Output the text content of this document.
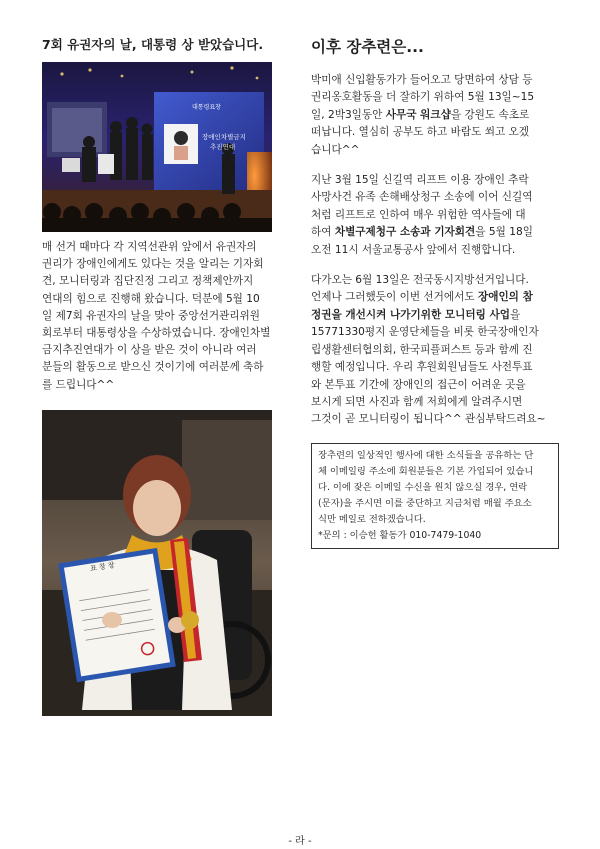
7회 유권자의 날, 대통령 상 받았습니다.
대통령표창
장애인차별금지
추진연대

매 선거 때마다 각 지역선관위 앞에서 유권자의
권리가 장애인에게도 있다는 것을 알리는 기자회
견, 모니터링과 집단진정 그리고 정책제안까지
연대의 힘으로 진행해 왔습니다. 덕분에 5월 10
일 제7회 유권자의 날을 맞아 중앙선거관리위원
회로부터 대통령상을 수상하였습니다. 장애인차별
금지추진연대가 이 상을 받은 것이 아니라 여러
분들의 활동으로 받으신 것이기에 여러분께 축하
를 드립니다^^

표 창 장
이후 장추련은...
박미애 신입활동가가 들어오고 당면하여 상담 등
권리옹호활동을 더 잘하기 위하여 5월 13일~15
일, 2박3일동안 사무국 워크샵을 강원도 속초로
떠납니다. 열심히 공부도 하고 바람도 쐬고 오겠
습니다^^
지난 3월 15일 신길역 리프트 이용 장애인 추락
사망사건 유족 손해배상청구 소송에 이어 신길역
처럼 리프트로 인하여 매우 위험한 역사들에 대
하여 차별구제청구 소송과 기자회견을 5월 18일
오전 11시 서울교통공사 앞에서 진행합니다.
다가오는 6월 13일은 전국동시지방선거입니다.
언제나 그러했듯이 이번 선거에서도 장애인의 참
정권을 개선시켜 나가기위한 모니터링 사업을
15771330평지 운영단체들을 비롯 한국장애인자
립생활센터협의회, 한국피플퍼스트 등과 함께 진
행할 예정입니다. 우리 후원회원님들도 사전투표
와 본투표 기간에 장애인의 접근이 어려운 곳을
보시게 되면 사진과 함께 저희에게 알려주시면
그것이 곧 모니터링이 됩니다^^ 관심부탁드려요~
장추련의 일상적인 행사에 대한 소식들을 공유하는 단
체 이메일링 주소에 회원분들은 기본 가입되어 있습니
다. 이에 잦은 이메일 수신을 원치 않으실 경우, 연락
(문자)을 주시면 이를 중단하고 지금처럼 매월 주요소
식만 메일로 전하겠습니다.
*문의 : 이승헌 활동가 010-7479-1040
- 라 -
